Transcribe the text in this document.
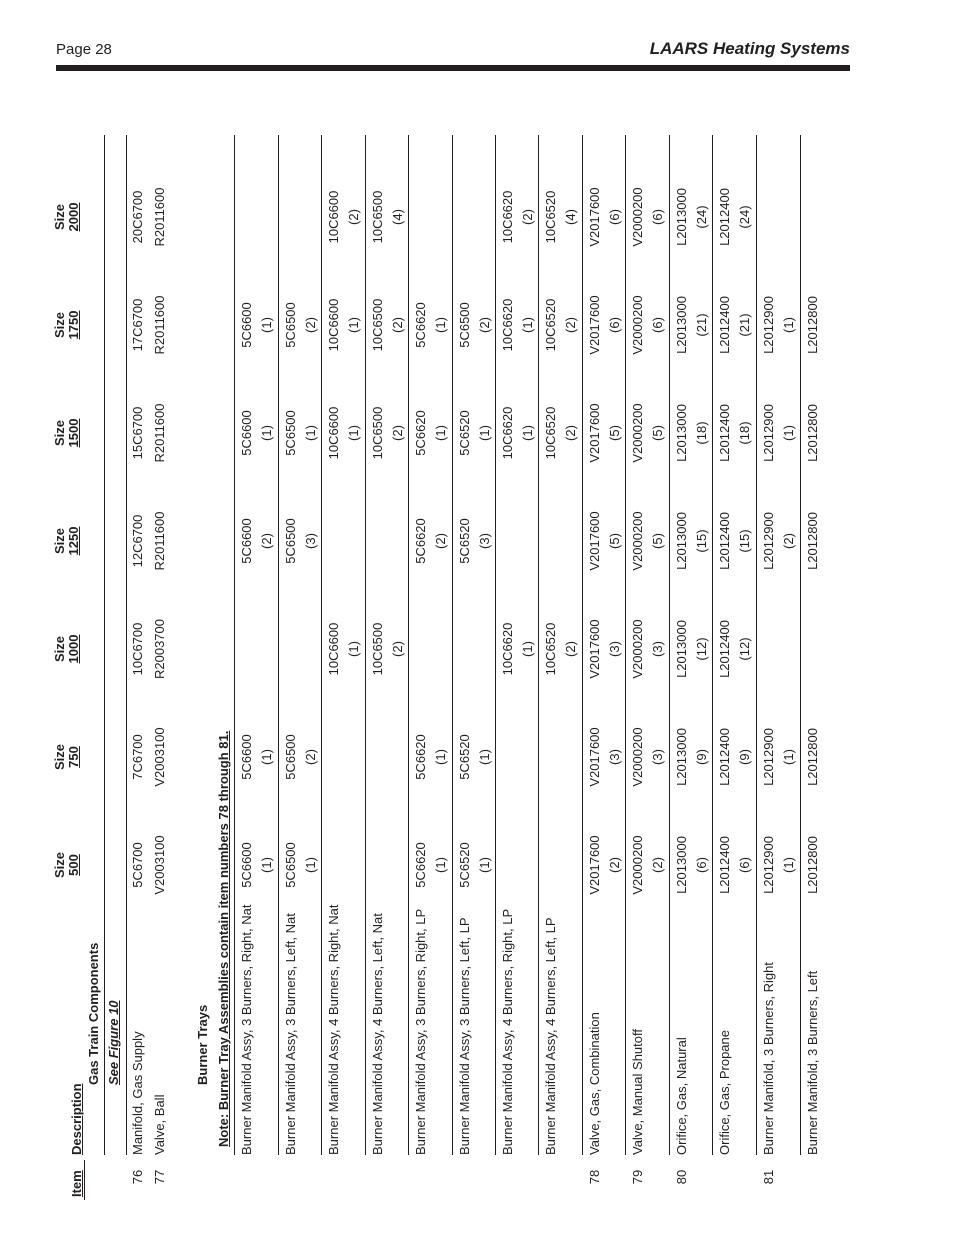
Page 28	LAARS Heating Systems
Item
Description
Size 500
Size 750
Size 1000
Size 1250
Size 1500
Size 1750
Size 2000
Gas Train Components See Figure 10	Burner Trays Note: Burner Tray Assemblies contain item numbers 78 through 81.
76
Manifold, Gas Supply
5C6700
7C6700
10C6700
12C6700
15C6700
17C6700
20C6700
77
Valve, Ball
V2003100
V2003100
R2003700
R2011600
R2011600
R2011600
R2011600
Burner Manifold Assy, 3 Burners, Right, Nat
5C6600 (1)
5C6600 (1)
5C6600 (2)
5C6600 (1)
5C6600 (1)
Burner Manifold Assy, 3 Burners, Left, Nat
5C6500 (1)
5C6500 (2)
5C6500 (3)
5C6500 (1)
5C6500 (2)
Burner Manifold Assy, 4 Burners, Right, Nat
10C6600 (1)
10C6600 (1)
10C6600 (1)
10C6600 (2)
Burner Manifold Assy, 4 Burners, Left, Nat
10C6500 (2)
10C6500 (2)
10C6500 (2)
10C6500 (4)
Burner Manifold Assy, 3 Burners, Right, LP
5C6620 (1)
5C6620 (1)
5C6620 (2)
5C6620 (1)
5C6620 (1)
Burner Manifold Assy, 3 Burners, Left, LP
5C6520 (1)
5C6520 (1)
5C6520 (3)
5C6520 (1)
5C6500 (2)
Burner Manifold Assy, 4 Burners, Right, LP
10C6620 (1)
10C6620 (1)
10C6620 (1)
10C6620 (2)
Burner Manifold Assy, 4 Burners, Left, LP
10C6520 (2)
10C6520 (2)
10C6520 (2)
10C6520 (4)
78
Valve, Gas, Combination
V2017600 (2)
V2017600 (3)
V2017600 (3)
V2017600 (5)
V2017600 (5)
V2017600 (6)
V2017600 (6)
79
Valve, Manual Shutoff
V2000200 (2)
V2000200 (3)
V2000200 (3)
V2000200 (5)
V2000200 (5)
V2000200 (6)
V2000200 (6)
80
Orifice, Gas, Natural
L2013000 (6)
L2013000 (9)
L2013000 (12)
L2013000 (15)
L2013000 (18)
L2013000 (21)
L2013000 (24)
Orifice, Gas, Propane
L2012400 (6)
L2012400 (9)
L2012400 (12)
L2012400 (15)
L2012400 (18)
L2012400 (21)
L2012400 (24)
81
Burner Manifold, 3 Burners, Right
L2012900 (1)
L2012900 (1)
L2012900 (2)
L2012900 (1)
L2012900 (1)
Burner Manifold, 3 Burners, Left
L2012800
L2012800
L2012800
L2012800
L2012800
